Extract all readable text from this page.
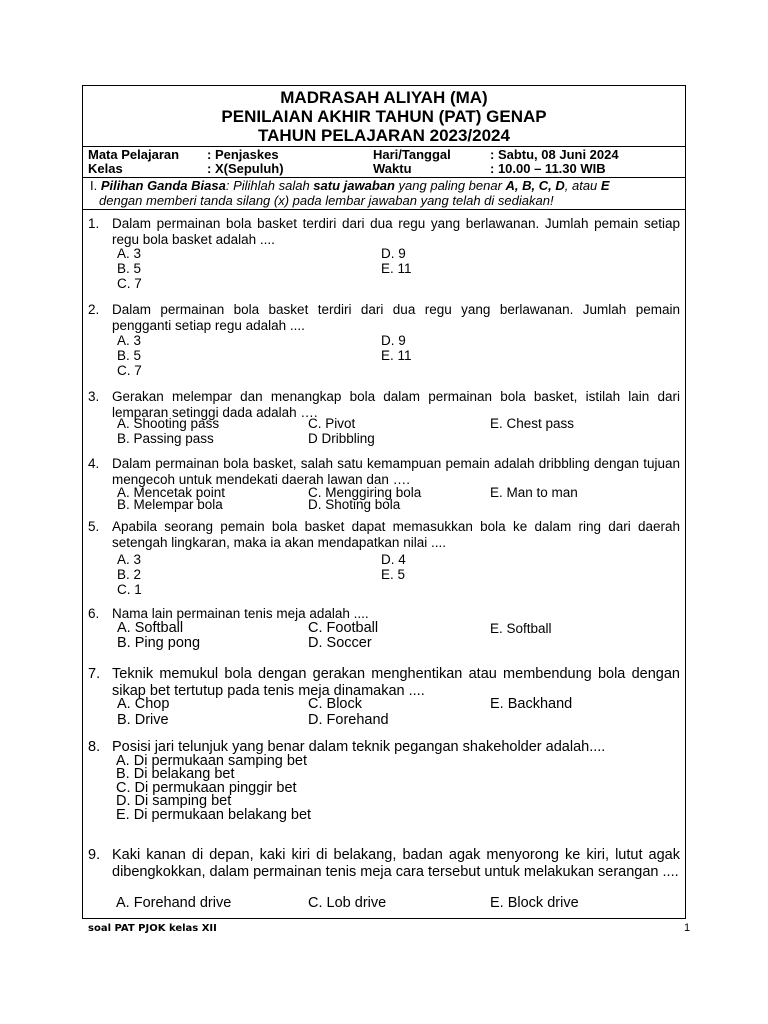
MADRASAH ALIYAH (MA)
PENILAIAN AKHIR TAHUN (PAT) GENAP
TAHUN PELAJARAN 2023/2024
Mata Pelajaran : Penjaskes	Hari/Tanggal	: Sabtu, 08 Juni 2024
Kelas	: X(Sepuluh)	Waktu	: 10.00 – 11.30 WIB
I. Pilihan Ganda Biasa: Pilihlah salah satu jawaban yang paling benar A, B, C, D, atau E
dengan memberi tanda silang (x) pada lembar jawaban yang telah di sediakan!
1. Dalam permainan bola basket terdiri dari dua regu yang berlawanan. Jumlah pemain setiap regu bola basket adalah ....
A. 3
B. 5
C. 7
D. 9
E. 11
2. Dalam permainan bola basket terdiri dari dua regu yang berlawanan. Jumlah pemain pengganti setiap regu adalah ....
A. 3
B. 5
C. 7
D. 9
E. 11
3. Gerakan melempar dan menangkap bola dalam permainan bola basket, istilah lain dari lemparan setinggi dada adalah ….
A. Shooting pass
B. Passing pass
C. Pivot
D Dribbling
E. Chest pass
4. Dalam permainan bola basket, salah satu kemampuan pemain adalah dribbling dengan tujuan mengecoh untuk mendekati daerah lawan dan ….
A. Mencetak point
B. Melempar bola
C. Menggiring bola
D. Shoting bola
E. Man to man
5. Apabila seorang pemain bola basket dapat memasukkan bola ke dalam ring dari daerah setengah lingkaran, maka ia akan mendapatkan nilai ....
A. 3
B. 2
C. 1
D. 4
E. 5
6. Nama lain permainan tenis meja adalah ....
A. Softball
B. Ping pong
C. Football
D. Soccer
E. Softball
7. Teknik memukul bola dengan gerakan menghentikan atau membendung bola dengan sikap bet tertutup pada tenis meja dinamakan ....
A. Chop
B. Drive
C. Block
D. Forehand
E. Backhand
8. Posisi jari telunjuk yang benar dalam teknik pegangan shakeholder adalah....
A. Di permukaan samping bet
B. Di belakang bet
C. Di permukaan pinggir bet
D. Di samping bet
E. Di permukaan belakang bet
9. Kaki kanan di depan, kaki kiri di belakang, badan agak menyorong ke kiri, lutut agak dibengkokkan, dalam permainan tenis meja cara tersebut untuk melakukan serangan ....
A. Forehand drive	C. Lob drive	E. Block drive
soal PAT PJOK kelas XII	1
